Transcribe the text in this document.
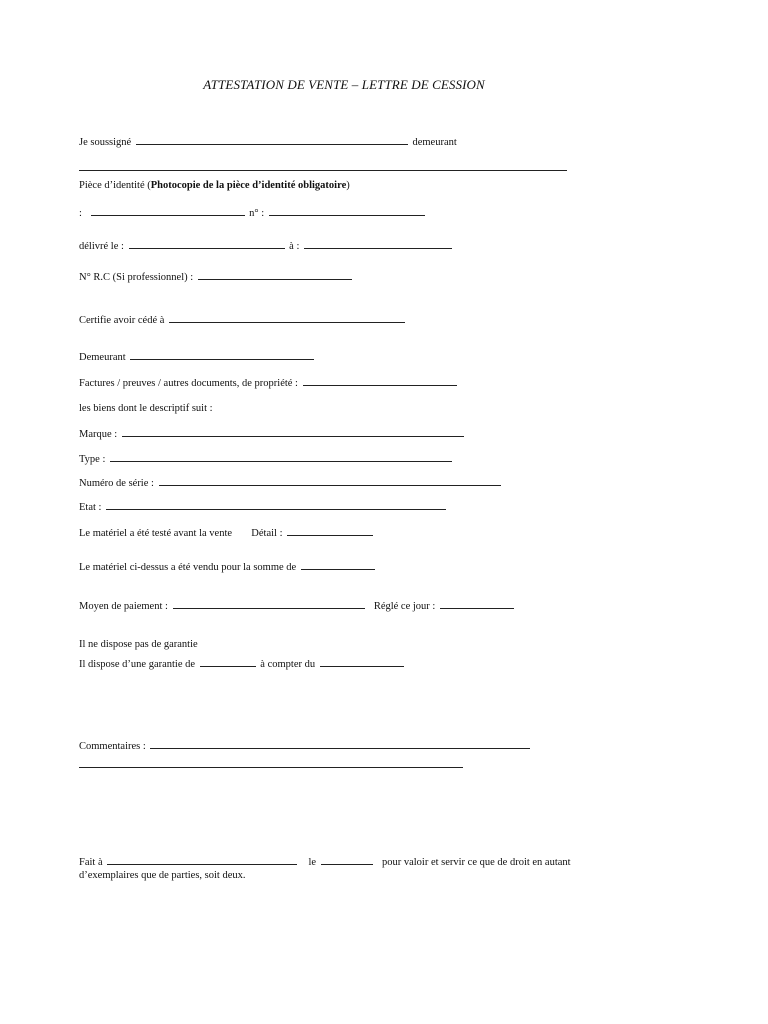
ATTESTATION DE VENTE – LETTRE DE CESSION
Je soussigné	demeurant
Pièce d’identité (Photocopie de la pièce d’identité obligatoire)
:	n° :
délivré le :	à :
N° R.C (Si professionnel) :
Certifie avoir cédé à
Demeurant
Factures / preuves / autres documents, de propriété :
les biens dont le descriptif suit :
Marque :
Type :
Numéro de série :
Etat :
Le matériel a été testé avant la vente Détail :
Le matériel ci-dessus a été vendu pour la somme de
Moyen de paiement :	Réglé ce jour :
Il ne dispose pas de garantie
Il dispose d’une garantie de	à compter du
Commentaires :
Fait à	le	pour valoir et servir ce que de droit en autant
d’exemplaires que de parties, soit deux.
